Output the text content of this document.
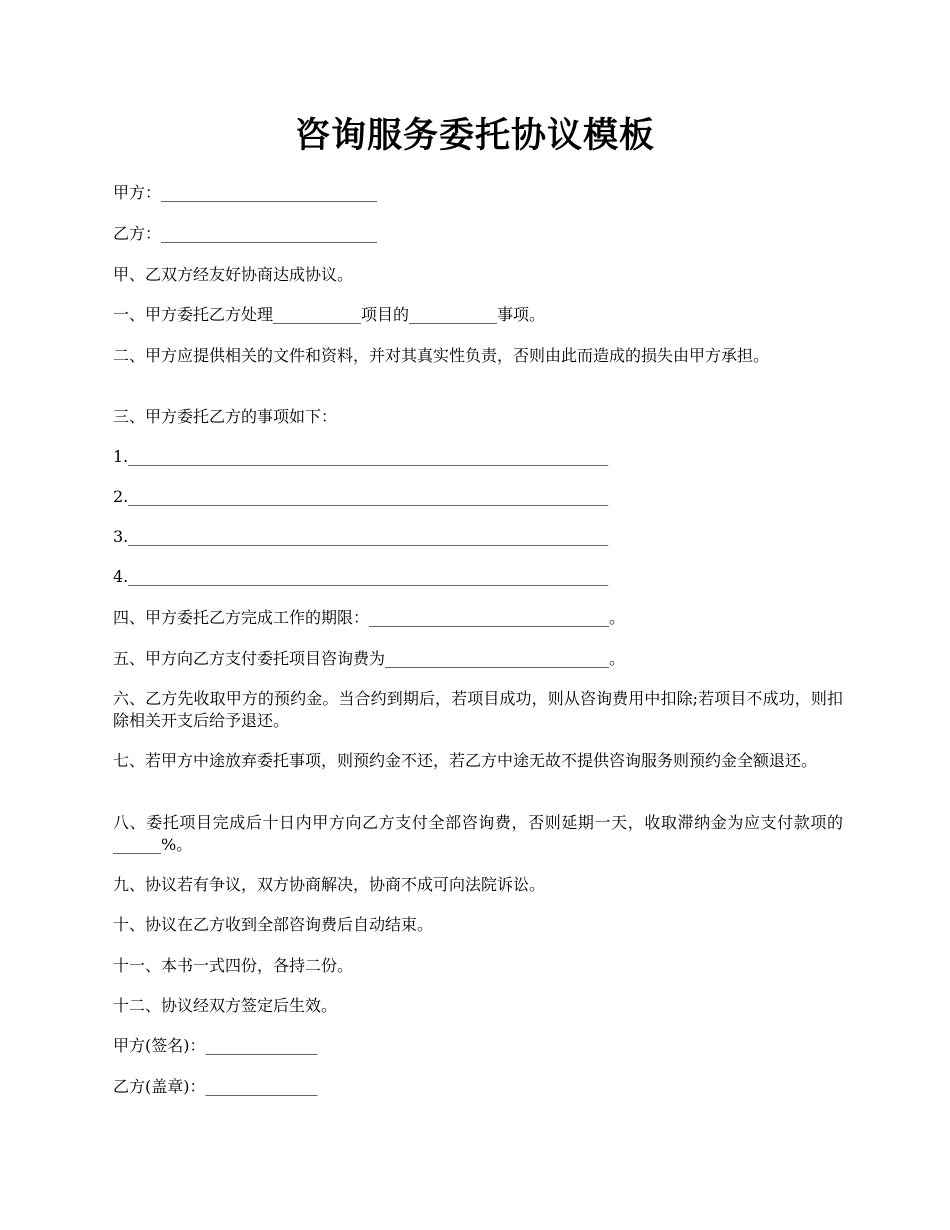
咨询服务委托协议模板
甲方：___________________________
乙方：___________________________
甲、乙双方经友好协商达成协议。
一、甲方委托乙方处理___________项目的___________事项。
二、甲方应提供相关的文件和资料，并对其真实性负责，否则由此而造成的损失由甲方承担。
三、甲方委托乙方的事项如下：
1.____________________________________________________________
2.____________________________________________________________
3.____________________________________________________________
4.____________________________________________________________
四、甲方委托乙方完成工作的期限：______________________________。
五、甲方向乙方支付委托项目咨询费为____________________________。
六、乙方先收取甲方的预约金。当合约到期后，若项目成功，则从咨询费用中扣除;若项目不成功，则扣除相关开支后给予退还。
七、若甲方中途放弃委托事项，则预约金不还，若乙方中途无故不提供咨询服务则预约金全额退还。
八、委托项目完成后十日内甲方向乙方支付全部咨询费，否则延期一天，收取滞纳金为应支付款项的______%。
九、协议若有争议，双方协商解决，协商不成可向法院诉讼。
十、协议在乙方收到全部咨询费后自动结束。
十一、本书一式四份，各持二份。
十二、协议经双方签定后生效。
甲方(签名)：______________
乙方(盖章)：______________
